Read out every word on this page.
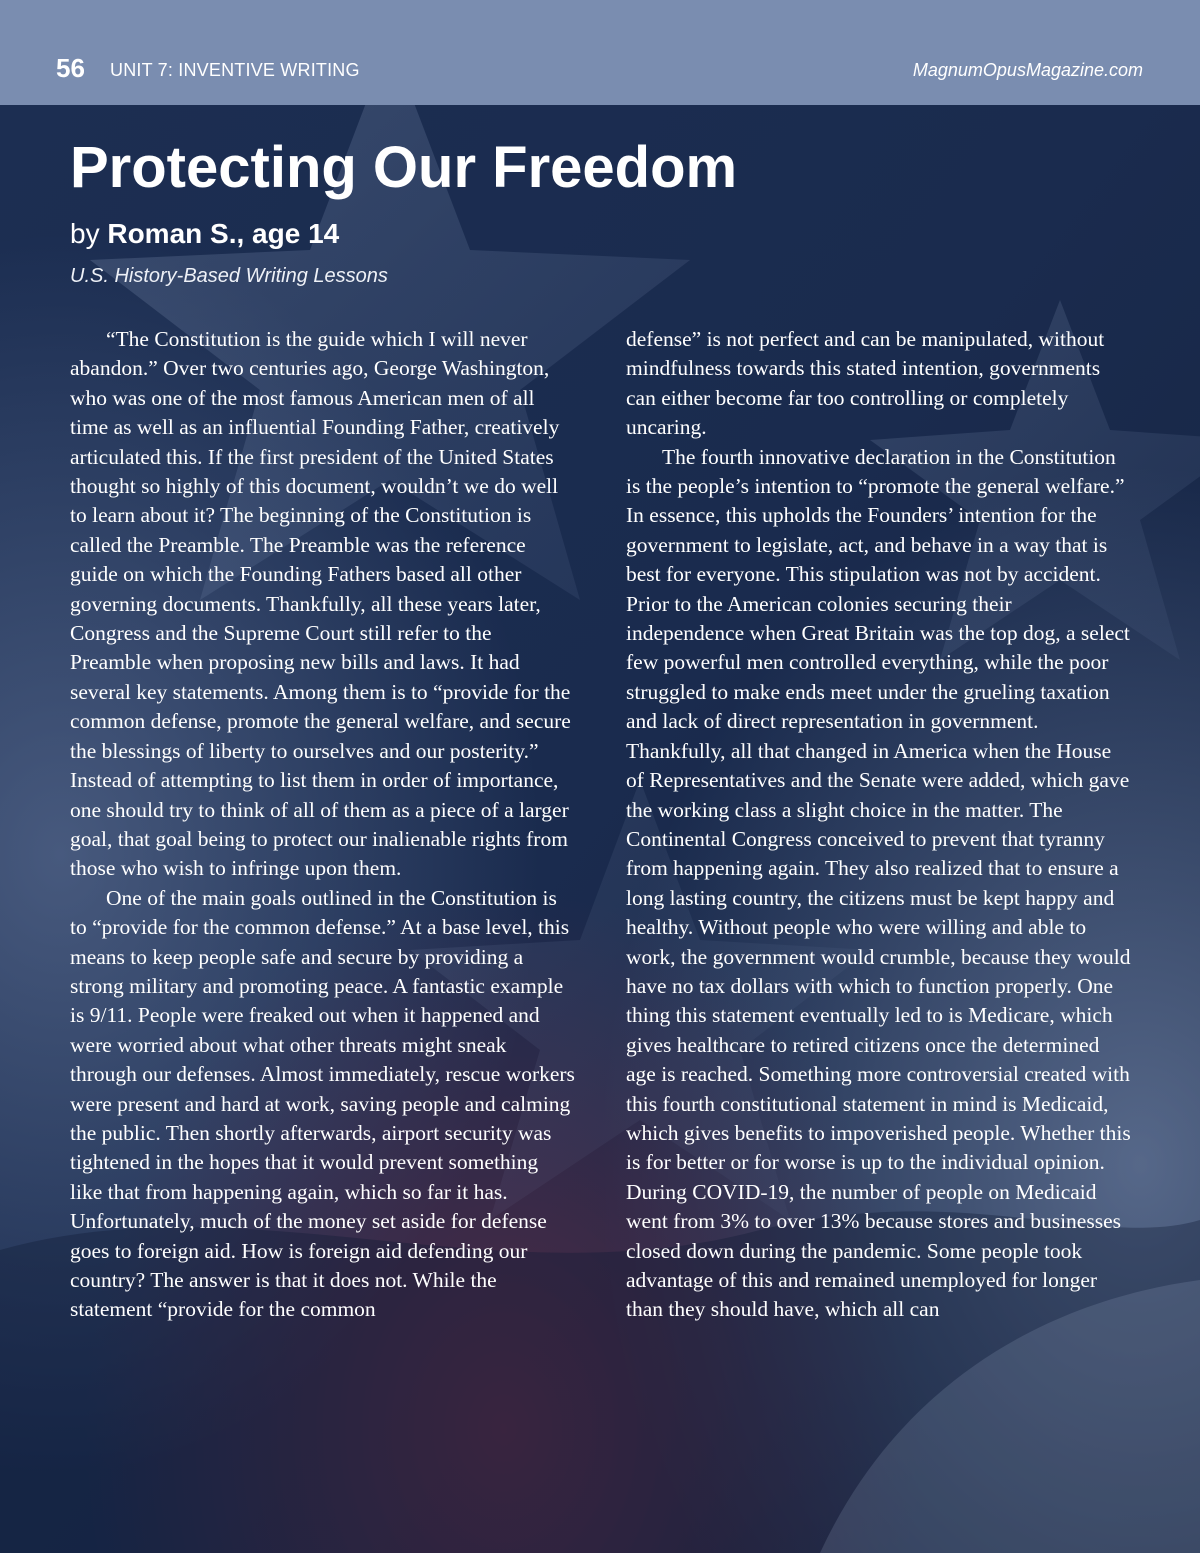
56 UNIT 7: INVENTIVE WRITING	MagnumOpusMagazine.com
Protecting Our Freedom
by Roman S., age 14
U.S. History-Based Writing Lessons

“The Constitution is the guide which I will never abandon.” Over two centuries ago, George Washington, who was one of the most famous American men of all time as well as an influential Founding Father, creatively articulated this. If the first president of the United States thought so highly of this document, wouldn’t we do well to learn about it? The beginning of the Constitution is called the Preamble. The Preamble was the reference guide on which the Founding Fathers based all other governing documents. Thankfully, all these years later, Congress and the Supreme Court still refer to the Preamble when proposing new bills and laws. It had several key statements. Among them is to “provide for the common defense, promote the general welfare, and secure the blessings of liberty to ourselves and our posterity.” Instead of attempting to list them in order of importance, one should try to think of all of them as a piece of a larger goal, that goal being to protect our inalienable rights from those who wish to infringe upon them.

One of the main goals outlined in the Constitution is to “provide for the common defense.” At a base level, this means to keep people safe and secure by providing a strong military and promoting peace. A fantastic example is 9/11. People were freaked out when it happened and were worried about what other threats might sneak through our defenses. Almost immediately, rescue workers were present and hard at work, saving people and calming the public. Then shortly afterwards, airport security was tightened in the hopes that it would prevent something like that from happening again, which so far it has. Unfortunately, much of the money set aside for defense goes to foreign aid. How is foreign aid defending our country? The answer is that it does not. While the statement “provide for the common

defense” is not perfect and can be manipulated, without mindfulness towards this stated intention, governments can either become far too controlling or completely uncaring.

The fourth innovative declaration in the Constitution is the people’s intention to “promote the general welfare.” In essence, this upholds the Founders’ intention for the government to legislate, act, and behave in a way that is best for everyone. This stipulation was not by accident. Prior to the American colonies securing their independence when Great Britain was the top dog, a select few powerful men controlled everything, while the poor struggled to make ends meet under the grueling taxation and lack of direct representation in government. Thankfully, all that changed in America when the House of Representatives and the Senate were added, which gave the working class a slight choice in the matter. The Continental Congress conceived to prevent that tyranny from happening again. They also realized that to ensure a long lasting country, the citizens must be kept happy and healthy. Without people who were willing and able to work, the government would crumble, because they would have no tax dollars with which to function properly. One thing this statement eventually led to is Medicare, which gives healthcare to retired citizens once the determined age is reached. Something more controversial created with this fourth constitutional statement in mind is Medicaid, which gives benefits to impoverished people. Whether this is for better or for worse is up to the individual opinion. During COVID-19, the number of people on Medicaid went from 3% to over 13% because stores and businesses closed down during the pandemic. Some people took advantage of this and remained unemployed for longer than they should have, which all can
